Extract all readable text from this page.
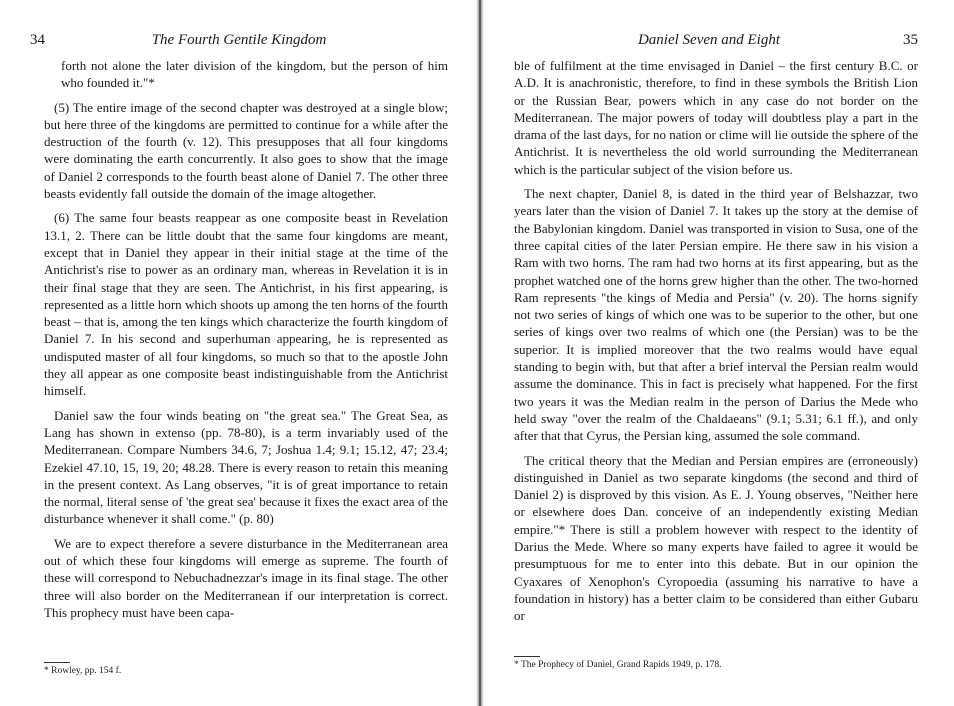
34	The Fourth Gentile Kingdom

forth not alone the later division of the kingdom, but the person of him who founded it."*

(5) The entire image of the second chapter was destroyed at a single blow; but here three of the kingdoms are permitted to continue for a while after the destruction of the fourth (v. 12). This presupposes that all four kingdoms were dominating the earth concurrently. It also goes to show that the image of Daniel 2 corresponds to the fourth beast alone of Daniel 7. The other three beasts evidently fall outside the domain of the image altogether.

(6) The same four beasts reappear as one composite beast in Revelation 13.1, 2. There can be little doubt that the same four kingdoms are meant, except that in Daniel they appear in their initial stage at the time of the Antichrist's rise to power as an ordinary man, whereas in Revelation it is in their final stage that they are seen. The Antichrist, in his first appearing, is represented as a little horn which shoots up among the ten horns of the fourth beast – that is, among the ten kings which characterize the fourth kingdom of Daniel 7. In his second and superhuman appearing, he is represented as undisputed master of all four kingdoms, so much so that to the apostle John they all appear as one composite beast indistinguishable from the Antichrist himself.

Daniel saw the four winds beating on "the great sea." The Great Sea, as Lang has shown in extenso (pp. 78-80), is a term invariably used of the Mediterranean. Compare Numbers 34.6, 7; Joshua 1.4; 9.1; 15.12, 47; 23.4; Ezekiel 47.10, 15, 19, 20; 48.28. There is every reason to retain this meaning in the present context. As Lang observes, "it is of great importance to retain the normal, literal sense of 'the great sea' because it fixes the exact area of the disturbance whenever it shall come." (p. 80)

We are to expect therefore a severe disturbance in the Mediterranean area out of which these four kingdoms will emerge as supreme. The fourth of these will correspond to Nebuchadnezzar's image in its final stage. The other three will also border on the Mediterranean if our interpretation is correct. This prophecy must have been capa-

* Rowley, pp. 154 f.
Daniel Seven and Eight	35

ble of fulfilment at the time envisaged in Daniel – the first century B.C. or A.D. It is anachronistic, therefore, to find in these symbols the British Lion or the Russian Bear, powers which in any case do not border on the Mediterranean. The major powers of today will doubtless play a part in the drama of the last days, for no nation or clime will lie outside the sphere of the Antichrist. It is nevertheless the old world surrounding the Mediterranean which is the particular subject of the vision before us.

The next chapter, Daniel 8, is dated in the third year of Belshazzar, two years later than the vision of Daniel 7. It takes up the story at the demise of the Babylonian kingdom. Daniel was transported in vision to Susa, one of the three capital cities of the later Persian empire. He there saw in his vision a Ram with two horns. The ram had two horns at its first appearing, but as the prophet watched one of the horns grew higher than the other. The two-horned Ram represents "the kings of Media and Persia" (v. 20). The horns signify not two series of kings of which one was to be superior to the other, but one series of kings over two realms of which one (the Persian) was to be the superior. It is implied moreover that the two realms would have equal standing to begin with, but that after a brief interval the Persian realm would assume the dominance. This in fact is precisely what happened. For the first two years it was the Median realm in the person of Darius the Mede who held sway "over the realm of the Chaldaeans" (9.1; 5.31; 6.1 ff.), and only after that that Cyrus, the Persian king, assumed the sole command.

The critical theory that the Median and Persian empires are (erroneously) distinguished in Daniel as two separate kingdoms (the second and third of Daniel 2) is disproved by this vision. As E. J. Young observes, "Neither here or elsewhere does Dan. conceive of an independently existing Median empire."* There is still a problem however with respect to the identity of Darius the Mede. Where so many experts have failed to agree it would be presumptuous for me to enter into this debate. But in our opinion the Cyaxares of Xenophon's Cyropoedia (assuming his narrative to have a foundation in history) has a better claim to be considered than either Gubaru or

* The Prophecy of Daniel, Grand Rapids 1949, p. 178.
